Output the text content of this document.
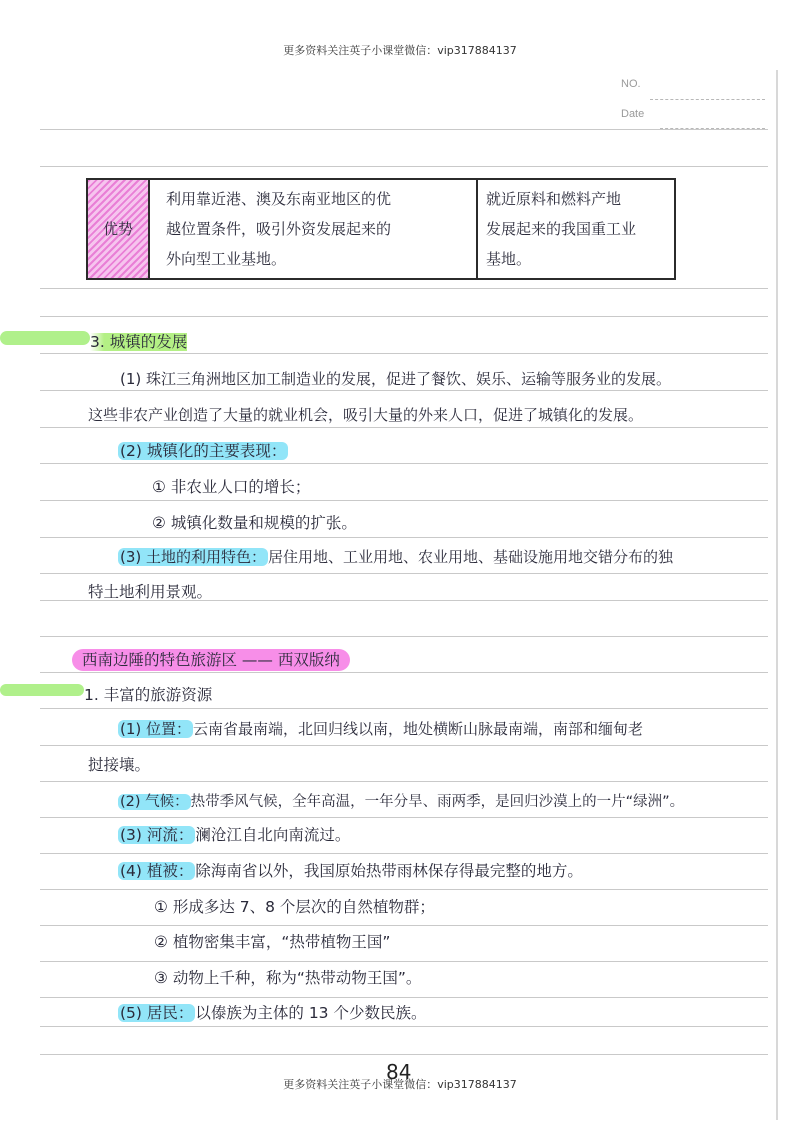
更多资料关注英子小课堂微信：vip317884137
NO.
Date
优势
利用靠近港、澳及东南亚地区的优
越位置条件，吸引外资发展起来的
外向型工业基地。
就近原料和燃料产地
发展起来的我国重工业
基地。
3. 城镇的发展
(1) 珠江三角洲地区加工制造业的发展，促进了餐饮、娱乐、运输等服务业的发展。
这些非农产业创造了大量的就业机会，吸引大量的外来人口，促进了城镇化的发展。
(2) 城镇化的主要表现：
① 非农业人口的增长；
② 城镇化数量和规模的扩张。
(3) 土地的利用特色： 居住用地、工业用地、农业用地、基础设施用地交错分布的独
特土地利用景观。
西南边陲的特色旅游区 —— 西双版纳
1. 丰富的旅游资源
(1) 位置： 云南省最南端，北回归线以南，地处横断山脉最南端，南部和缅甸老
挝接壤。
(2) 气候： 热带季风气候，全年高温，一年分旱、雨两季，是回归沙漠上的一片“绿洲”。
(3) 河流： 澜沧江自北向南流过。
(4) 植被： 除海南省以外，我国原始热带雨林保存得最完整的地方。
① 形成多达 7、8 个层次的自然植物群；
② 植物密集丰富，“热带植物王国”
③ 动物上千种，称为“热带动物王国”。
(5) 居民： 以傣族为主体的 13 个少数民族。
84
更多资料关注英子小课堂微信：vip317884137
